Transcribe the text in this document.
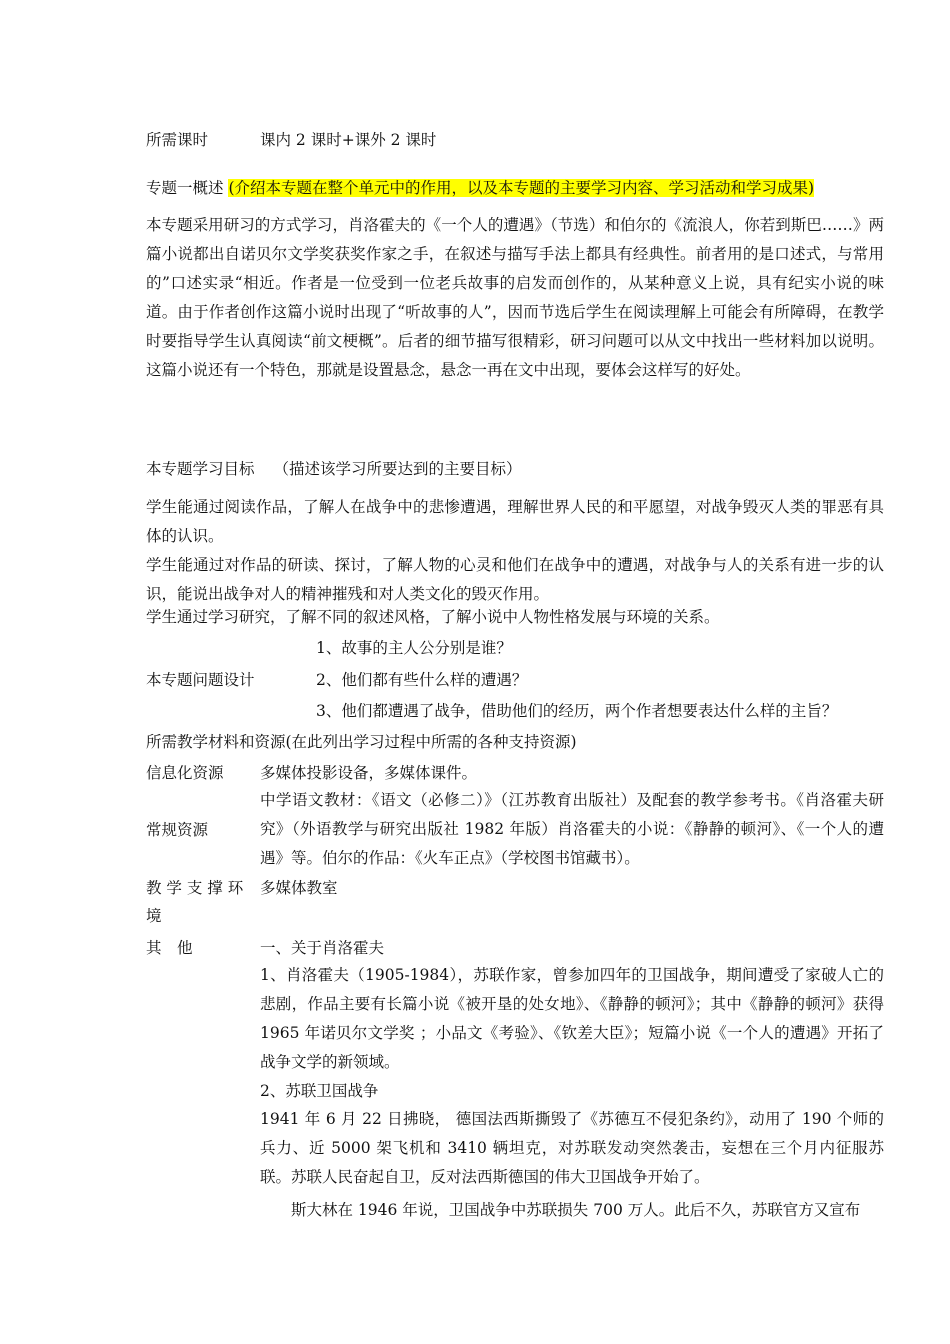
所需课时	课内 2 课时+课外 2 课时
专题一概述 (介绍本专题在整个单元中的作用，以及本专题的主要学习内容、学习活动和学习成果)
本专题采用研习的方式学习，肖洛霍夫的《一个人的遭遇》（节选）和伯尔的《流浪人，你若到斯巴……》两篇小说都出自诺贝尔文学奖获奖作家之手，在叙述与描写手法上都具有经典性。前者用的是口述式，与常用的”口述实录“相近。作者是一位受到一位老兵故事的启发而创作的，从某种意义上说，具有纪实小说的味道。由于作者创作这篇小说时出现了“听故事的人”，因而节选后学生在阅读理解上可能会有所障碍，在教学时要指导学生认真阅读“前文梗概”。后者的细节描写很精彩，研习问题可以从文中找出一些材料加以说明。这篇小说还有一个特色，那就是设置悬念，悬念一再在文中出现，要体会这样写的好处。
本专题学习目标 （描述该学习所要达到的主要目标）
学生能通过阅读作品，了解人在战争中的悲惨遭遇，理解世界人民的和平愿望，对战争毁灭人类的罪恶有具体的认识。
学生能通过对作品的研读、探讨，了解人物的心灵和他们在战争中的遭遇，对战争与人的关系有进一步的认识，能说出战争对人的精神摧残和对人类文化的毁灭作用。
学生通过学习研究，了解不同的叙述风格，了解小说中人物性格发展与环境的关系。
本专题问题设计
1、故事的主人公分别是谁？
2、他们都有些什么样的遭遇？
3、他们都遭遇了战争，借助他们的经历，两个作者想要表达什么样的主旨？
所需教学材料和资源(在此列出学习过程中所需的各种支持资源)
信息化资源 多媒体投影设备，多媒体课件。
常规资源
中学语文教材：《语文（必修二）》（江苏教育出版社）及配套的教学参考书。《肖洛霍夫研究》（外语教学与研究出版社 1982 年版）肖洛霍夫的小说：《静静的顿河》、《一个人的遭遇》等。伯尔的作品：《火车正点》（学校图书馆藏书）。
教 学 支 撑 环
境
多媒体教室
其　他	一、关于肖洛霍夫
1、肖洛霍夫（1905-1984），苏联作家，曾参加四年的卫国战争，期间遭受了家破人亡的悲剧，作品主要有长篇小说《被开垦的处女地》、《静静的顿河》；其中《静静的顿河》获得 1965 年诺贝尔文学奖 ；小品文《考验》、《钦差大臣》；短篇小说《一个人的遭遇》开拓了战争文学的新领域。
2、苏联卫国战争
1941 年 6 月 22 日拂晓， 德国法西斯撕毁了《苏德互不侵犯条约》，动用了 190 个师的兵力、近 5000 架飞机和 3410 辆坦克，对苏联发动突然袭击，妄想在三个月内征服苏联。苏联人民奋起自卫，反对法西斯德国的伟大卫国战争开始了。
斯大林在 1946 年说，卫国战争中苏联损失 700 万人。此后不久，苏联官方又宣布
